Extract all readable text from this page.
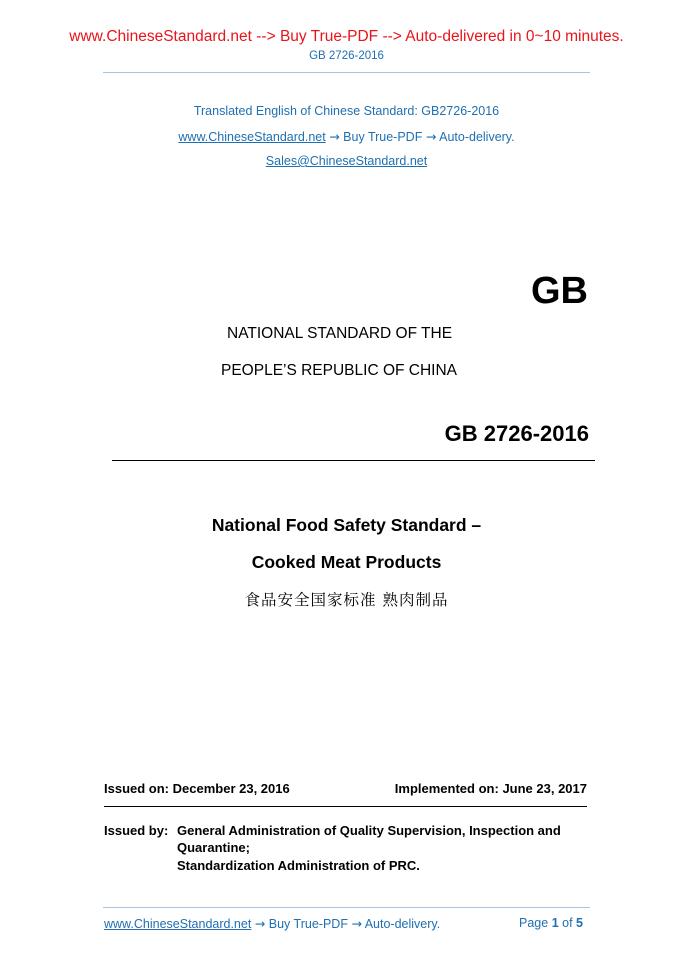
www.ChineseStandard.net --> Buy True-PDF --> Auto-delivered in 0~10 minutes.
GB 2726-2016
Translated English of Chinese Standard: GB2726-2016
www.ChineseStandard.net → Buy True-PDF → Auto-delivery.
Sales@ChineseStandard.net
GB
NATIONAL STANDARD OF THE
PEOPLE’S REPUBLIC OF CHINA
GB 2726-2016
National Food Safety Standard –
Cooked Meat Products
食品安全国家标准 熟肉制品
Issued on: December 23, 2016	Implemented on: June 23, 2017
Issued by: General Administration of Quality Supervision, Inspection and
Quarantine;
Standardization Administration of PRC.
www.ChineseStandard.net → Buy True-PDF → Auto-delivery.	Page 1 of 5
